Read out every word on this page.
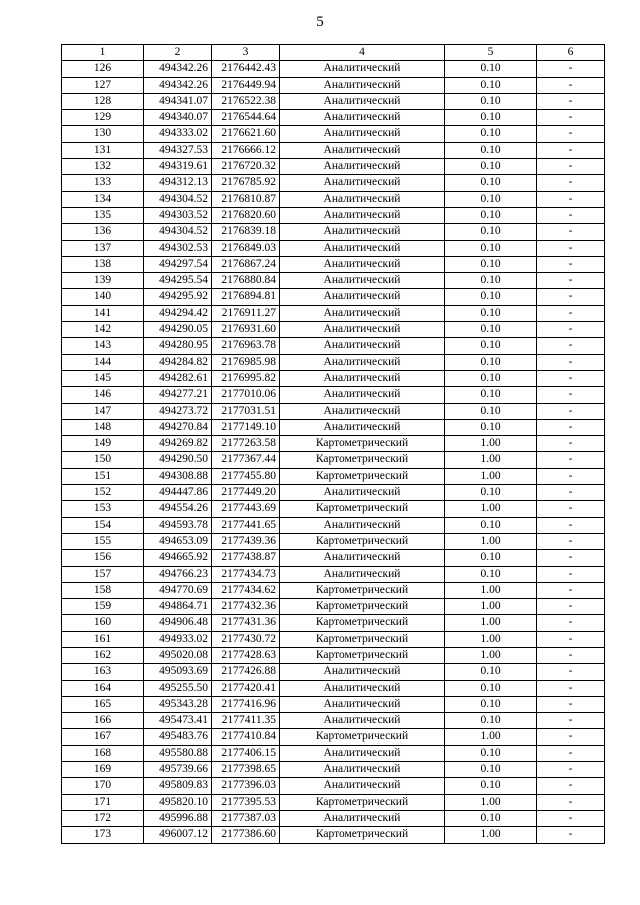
5
1	2	3	4	5	6
126	494342.26	2176442.43	Аналитический	0.10	-
127	494342.26	2176449.94	Аналитический	0.10	-
128	494341.07	2176522.38	Аналитический	0.10	-
129	494340.07	2176544.64	Аналитический	0.10	-
130	494333.02	2176621.60	Аналитический	0.10	-
131	494327.53	2176666.12	Аналитический	0.10	-
132	494319.61	2176720.32	Аналитический	0.10	-
133	494312.13	2176785.92	Аналитический	0.10	-
134	494304.52	2176810.87	Аналитический	0.10	-
135	494303.52	2176820.60	Аналитический	0.10	-
136	494304.52	2176839.18	Аналитический	0.10	-
137	494302.53	2176849.03	Аналитический	0.10	-
138	494297.54	2176867.24	Аналитический	0.10	-
139	494295.54	2176880.84	Аналитический	0.10	-
140	494295.92	2176894.81	Аналитический	0.10	-
141	494294.42	2176911.27	Аналитический	0.10	-
142	494290.05	2176931.60	Аналитический	0.10	-
143	494280.95	2176963.78	Аналитический	0.10	-
144	494284.82	2176985.98	Аналитический	0.10	-
145	494282.61	2176995.82	Аналитический	0.10	-
146	494277.21	2177010.06	Аналитический	0.10	-
147	494273.72	2177031.51	Аналитический	0.10	-
148	494270.84	2177149.10	Аналитический	0.10	-
149	494269.82	2177263.58	Картометрический	1.00	-
150	494290.50	2177367.44	Картометрический	1.00	-
151	494308.88	2177455.80	Картометрический	1.00	-
152	494447.86	2177449.20	Аналитический	0.10	-
153	494554.26	2177443.69	Картометрический	1.00	-
154	494593.78	2177441.65	Аналитический	0.10	-
155	494653.09	2177439.36	Картометрический	1.00	-
156	494665.92	2177438.87	Аналитический	0.10	-
157	494766.23	2177434.73	Аналитический	0.10	-
158	494770.69	2177434.62	Картометрический	1.00	-
159	494864.71	2177432.36	Картометрический	1.00	-
160	494906.48	2177431.36	Картометрический	1.00	-
161	494933.02	2177430.72	Картометрический	1.00	-
162	495020.08	2177428.63	Картометрический	1.00	-
163	495093.69	2177426.88	Аналитический	0.10	-
164	495255.50	2177420.41	Аналитический	0.10	-
165	495343.28	2177416.96	Аналитический	0.10	-
166	495473.41	2177411.35	Аналитический	0.10	-
167	495483.76	2177410.84	Картометрический	1.00	-
168	495580.88	2177406.15	Аналитический	0.10	-
169	495739.66	2177398.65	Аналитический	0.10	-
170	495809.83	2177396.03	Аналитический	0.10	-
171	495820.10	2177395.53	Картометрический	1.00	-
172	495996.88	2177387.03	Аналитический	0.10	-
173	496007.12	2177386.60	Картометрический	1.00	-
